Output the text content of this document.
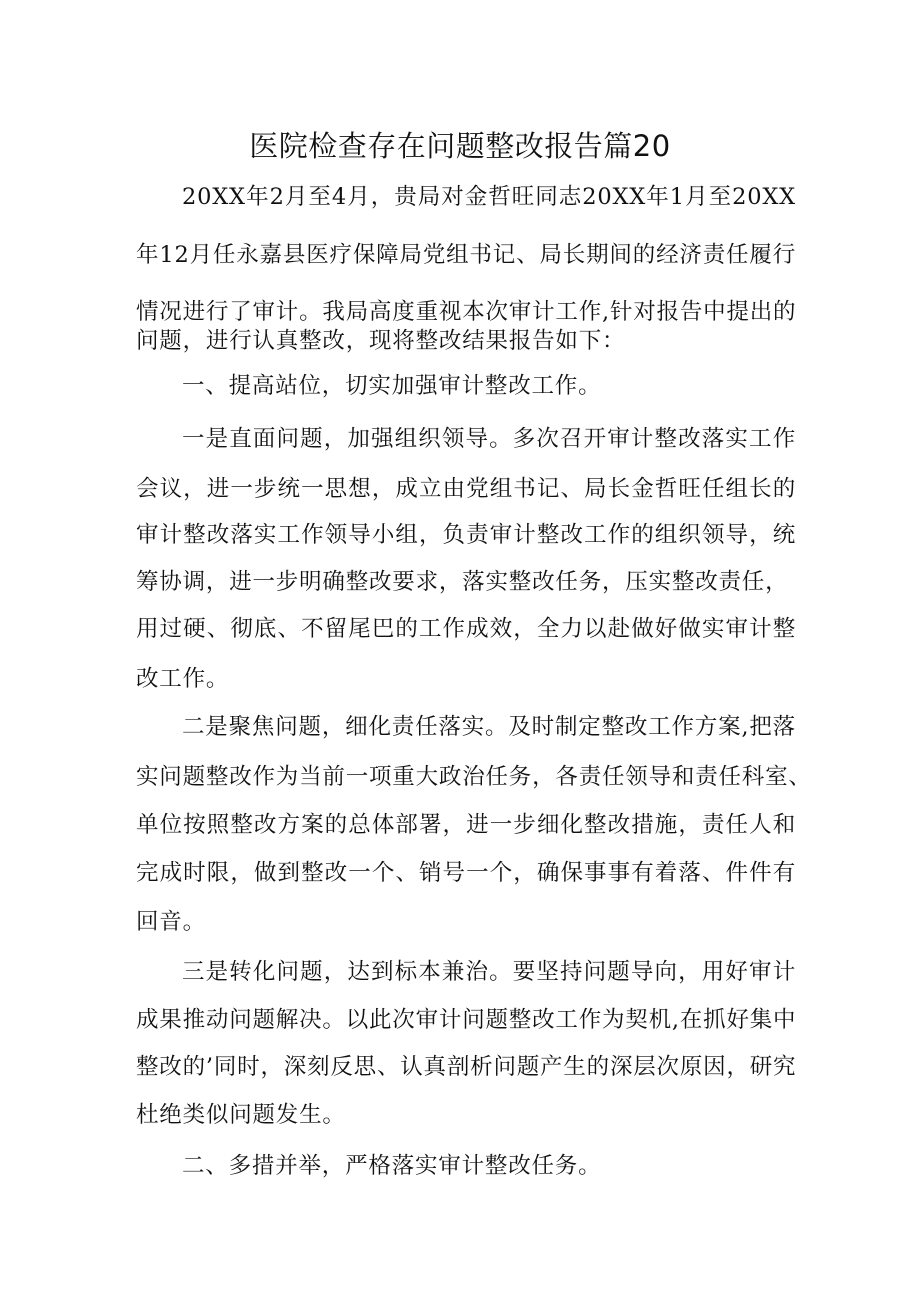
医院检查存在问题整改报告篇20
20XX年2月至4月，贵局对金哲旺同志20XX年1月至20XX
年12月任永嘉县医疗保障局党组书记、局长期间的经济责任履行
情况进行了审计。我局高度重视本次审计工作,针对报告中提出的
问题，进行认真整改，现将整改结果报告如下：
一、提高站位，切实加强审计整改工作。
一是直面问题，加强组织领导。多次召开审计整改落实工作
会议，进一步统一思想，成立由党组书记、局长金哲旺任组长的
审计整改落实工作领导小组，负责审计整改工作的组织领导，统
筹协调，进一步明确整改要求，落实整改任务，压实整改责任，
用过硬、彻底、不留尾巴的工作成效，全力以赴做好做实审计整
改工作。
二是聚焦问题，细化责任落实。及时制定整改工作方案,把落
实问题整改作为当前一项重大政治任务，各责任领导和责任科室、
单位按照整改方案的总体部署，进一步细化整改措施，责任人和
完成时限，做到整改一个、销号一个，确保事事有着落、件件有
回音。
三是转化问题，达到标本兼治。要坚持问题导向，用好审计
成果推动问题解决。以此次审计问题整改工作为契机,在抓好集中
整改的’同时，深刻反思、认真剖析问题产生的深层次原因，研究
杜绝类似问题发生。
二、多措并举，严格落实审计整改任务。
